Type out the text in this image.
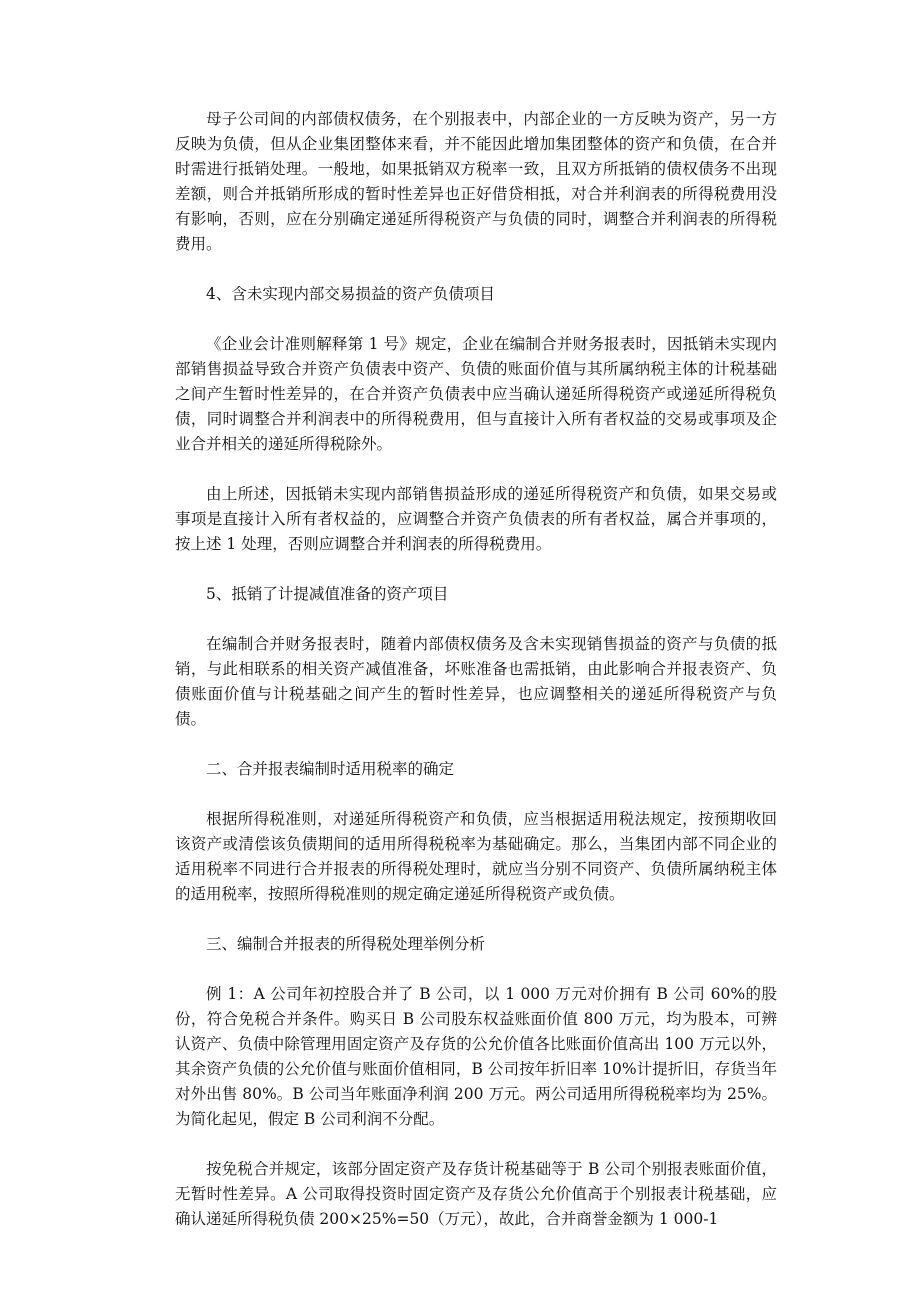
母子公司间的内部债权债务，在个别报表中，内部企业的一方反映为资产，另一方反映为负债，但从企业集团整体来看，并不能因此增加集团整体的资产和负债，在合并时需进行抵销处理。一般地，如果抵销双方税率一致，且双方所抵销的债权债务不出现差额，则合并抵销所形成的暂时性差异也正好借贷相抵，对合并利润表的所得税费用没有影响，否则，应在分别确定递延所得税资产与负债的同时，调整合并利润表的所得税费用。

4、含未实现内部交易损益的资产负债项目

《企业会计准则解释第 1 号》规定，企业在编制合并财务报表时，因抵销未实现内部销售损益导致合并资产负债表中资产、负债的账面价值与其所属纳税主体的计税基础之间产生暂时性差异的，在合并资产负债表中应当确认递延所得税资产或递延所得税负债，同时调整合并利润表中的所得税费用，但与直接计入所有者权益的交易或事项及企业合并相关的递延所得税除外。

由上所述，因抵销未实现内部销售损益形成的递延所得税资产和负债，如果交易或事项是直接计入所有者权益的，应调整合并资产负债表的所有者权益，属合并事项的，按上述 1 处理，否则应调整合并利润表的所得税费用。

5、抵销了计提减值准备的资产项目

在编制合并财务报表时，随着内部债权债务及含未实现销售损益的资产与负债的抵销，与此相联系的相关资产减值准备，坏账准备也需抵销，由此影响合并报表资产、负债账面价值与计税基础之间产生的暂时性差异，也应调整相关的递延所得税资产与负债。

二、合并报表编制时适用税率的确定

根据所得税准则，对递延所得税资产和负债，应当根据适用税法规定，按预期收回该资产或清偿该负债期间的适用所得税税率为基础确定。那么，当集团内部不同企业的适用税率不同进行合并报表的所得税处理时，就应当分别不同资产、负债所属纳税主体的适用税率，按照所得税准则的规定确定递延所得税资产或负债。

三、编制合并报表的所得税处理举例分析

例 1：A 公司年初控股合并了 B 公司，以 1 000 万元对价拥有 B 公司 60%的股份，符合免税合并条件。购买日 B 公司股东权益账面价值 800 万元，均为股本，可辨认资产、负债中除管理用固定资产及存货的公允价值各比账面价值高出 100 万元以外，其余资产负债的公允价值与账面价值相同，B 公司按年折旧率 10%计提折旧，存货当年对外出售 80%。B 公司当年账面净利润 200 万元。两公司适用所得税税率均为 25%。为简化起见，假定 B 公司利润不分配。

按免税合并规定，该部分固定资产及存货计税基础等于 B 公司个别报表账面价值，无暂时性差异。A 公司取得投资时固定资产及存货公允价值高于个别报表计税基础，应确认递延所得税负债 200×25%=50（万元），故此，合并商誉金额为 1 000-1
